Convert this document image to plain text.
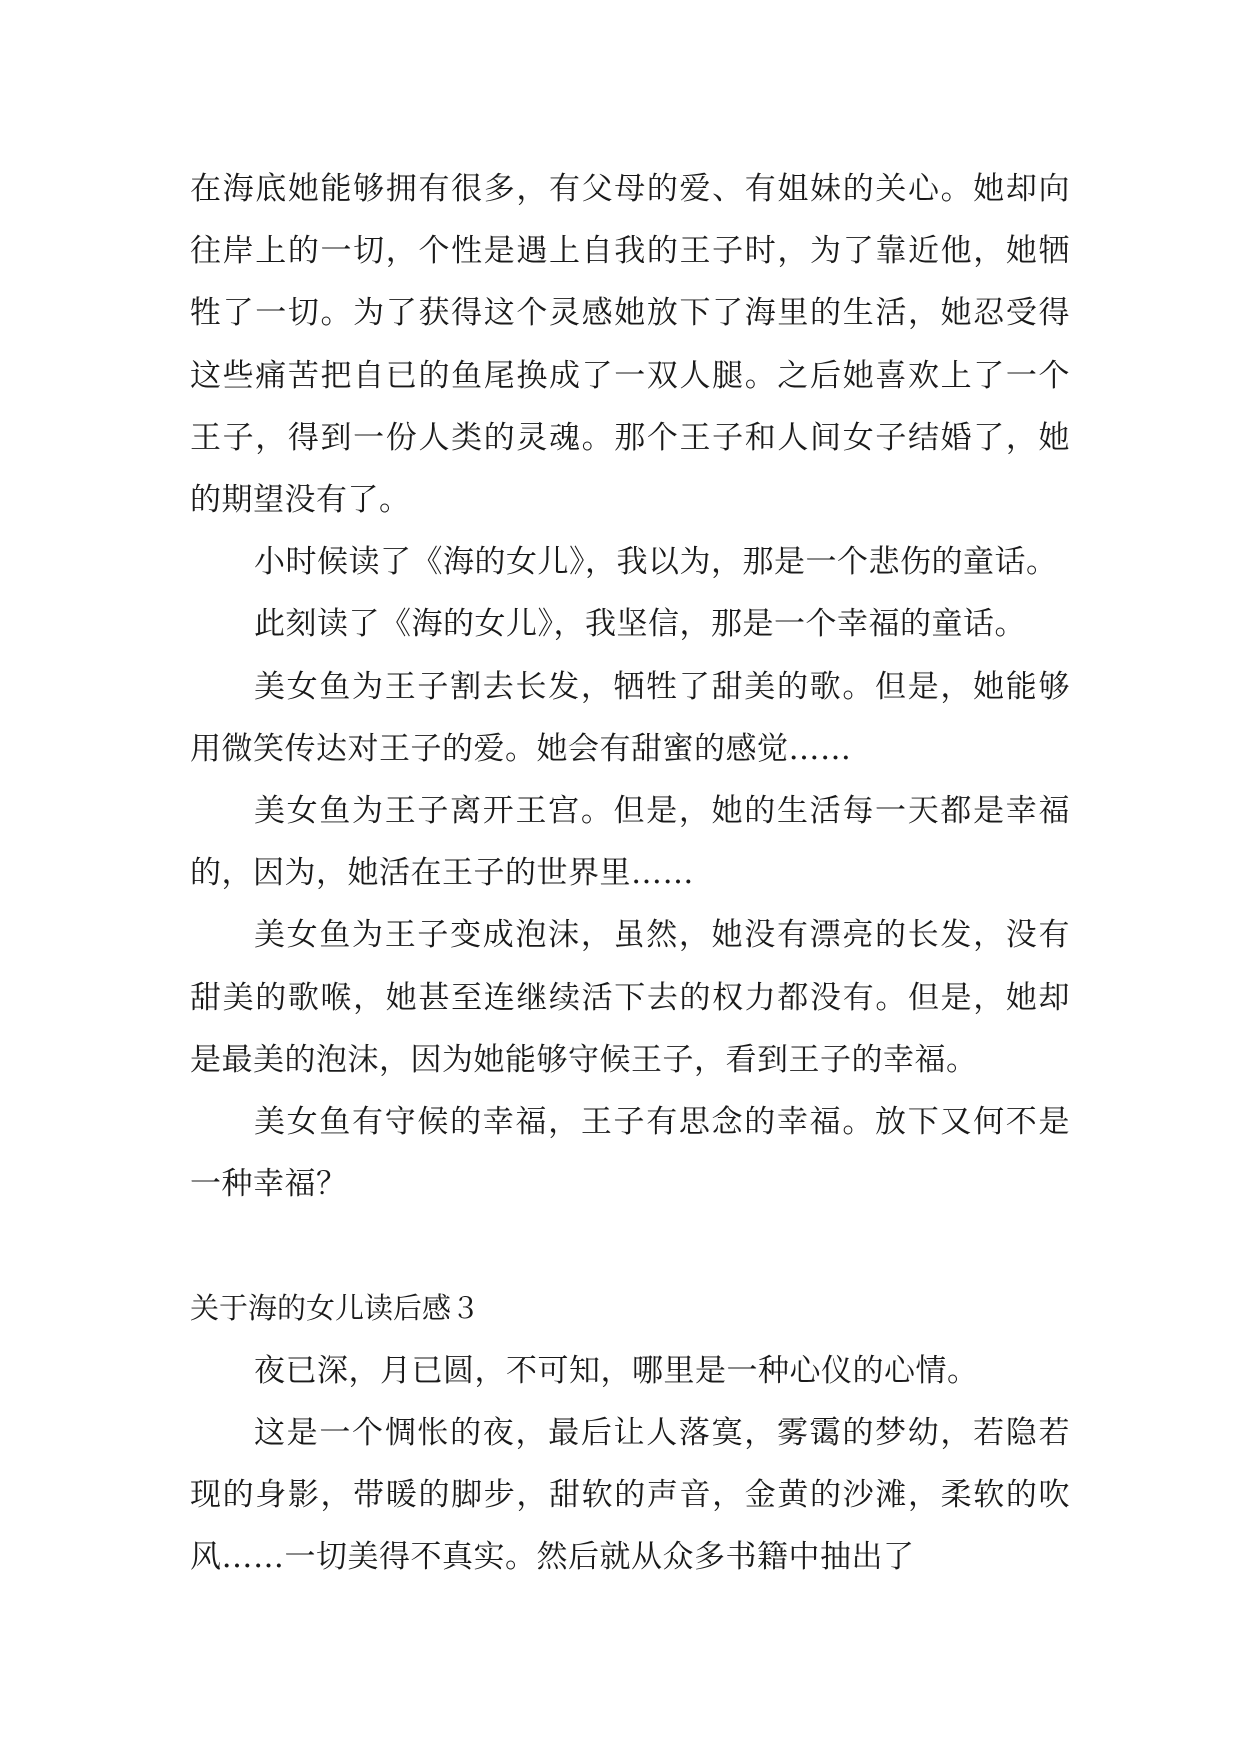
在海底她能够拥有很多，有父母的爱、有姐妹的关心。她却向往岸上的一切，个性是遇上自我的王子时，为了靠近他，她牺牲了一切。为了获得这个灵感她放下了海里的生活，她忍受得这些痛苦把自已的鱼尾换成了一双人腿。之后她喜欢上了一个王子，得到一份人类的灵魂。那个王子和人间女子结婚了，她的期望没有了。

小时候读了《海的女儿》，我以为，那是一个悲伤的童话。

此刻读了《海的女儿》，我坚信，那是一个幸福的童话。

美女鱼为王子割去长发，牺牲了甜美的歌。但是，她能够用微笑传达对王子的爱。她会有甜蜜的感觉……

美女鱼为王子离开王宫。但是，她的生活每一天都是幸福的，因为，她活在王子的世界里……

美女鱼为王子变成泡沫，虽然，她没有漂亮的长发，没有甜美的歌喉，她甚至连继续活下去的权力都没有。但是，她却是最美的泡沫，因为她能够守候王子，看到王子的幸福。

美女鱼有守候的幸福，王子有思念的幸福。放下又何不是一种幸福？

关于海的女儿读后感３

夜已深，月已圆，不可知，哪里是一种心仪的心情。

这是一个惆怅的夜，最后让人落寞，雾霭的梦幼，若隐若现的身影，带暖的脚步，甜软的声音，金黄的沙滩，柔软的吹风……一切美得不真实。然后就从众多书籍中抽出了
